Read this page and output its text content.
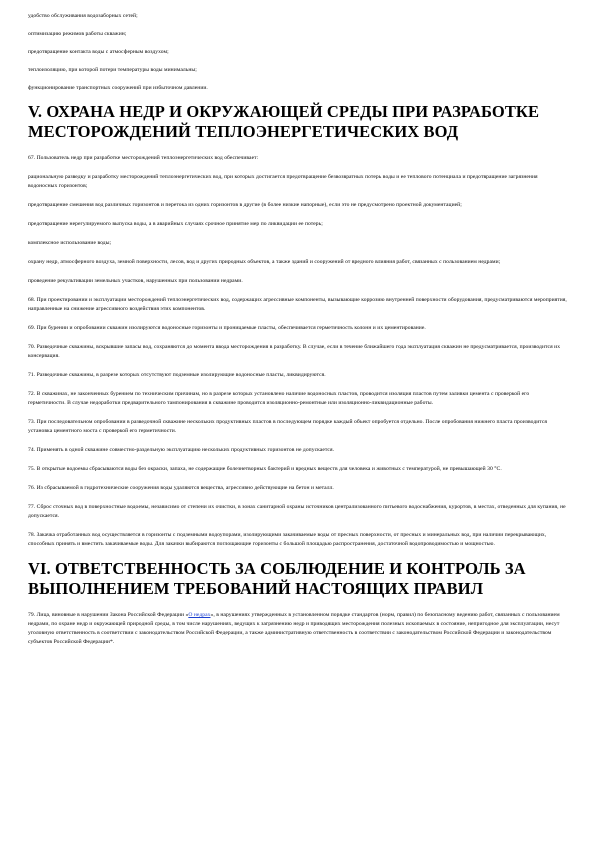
удобство обслуживания водозаборных сетей;

оптимизацию режимов работы скважин;

предотвращение контакта воды с атмосферным воздухом;

теплоизоляцию, при которой потери температуры воды минимальны;

функционирование транспортных сооружений при избыточном давлении.

V. ОХРАНА НЕДР И ОКРУЖАЮЩЕЙ СРЕДЫ ПРИ РАЗРАБОТКЕ МЕСТОРОЖДЕНИЙ ТЕПЛОЭНЕРГЕТИЧЕСКИХ ВОД

67. Пользователь недр при разработке месторождений теплоэнергетических вод обеспечивает:

рациональную разведку и разработку месторождений теплоэнергетических вод, при которых достигается предотвращение безвозвратных потерь воды и ее теплового потенциала и предотвращение загрязнения водоносных горизонтов;

предотвращение смешения вод различных горизонтов и перетока из одних горизонтов в другие (в более низкие напорные), если это не предусмотрено проектной документацией;

предотвращение нерегулируемого выпуска воды, а в аварийных случаях срочное принятие мер по ликвидации ее потерь;

комплексное использование воды;

охрану недр, атмосферного воздуха, земной поверхности, лесов, вод и других природных объектов, а также зданий и сооружений от вредного влияния работ, связанных с пользованием недрами;

проведение рекультивации земельных участков, нарушенных при пользовании недрами.

68. При проектировании и эксплуатации месторождений теплоэнергетических вод, содержащих агрессивные компоненты, вызывающие коррозию внутренней поверхности оборудования, предусматриваются мероприятия, направленные на снижение агрессивного воздействия этих компонентов.

69. При бурении и опробовании скважин изолируются водоносные горизонты и проницаемые пласты, обеспечивается герметичность колонн и их цементирование.

70. Разведочные скважины, вскрывшие запасы вод, сохраняются до момента ввода месторождения в разработку. В случае, если в течение ближайшего года эксплуатация скважин не предусматривается, производится их консервация.

71. Разведочные скважины, в разрезе которых отсутствуют подземные изолирующие водоносные пласты, ликвидируются.

72. В скважинах, не законченных бурением по техническим причинам, но в разрезе которых установлено наличие водоносных пластов, проводится изоляция пластов путем заливки цемента с проверкой его герметичности. В случае недоработки предварительного тампонирования в скважине проводится изоляционно-ремонтные или изоляционно-ликвидационные работы.

73. При последовательном опробовании в разведочной скважине нескольких продуктивных пластов в последующем порядке каждый объект опробуется отдельно. После опробования нижнего пласта производится установка цементного моста с проверкой его герметичности.

74. Применять в одной скважине совместно-раздельную эксплуатацию нескольких продуктивных горизонтов не допускается.

75. В открытые водоемы сбрасываются воды без окраски, запаха, не содержащие болезнетворных бактерий и вредных веществ для человека и животных с температурой, не превышающей 30 °С.

76. Из сбрасываемой в гидротехнические сооружения воды удаляются вещества, агрессивно действующие на бетон и металл.

77. Сброс сточных вод в поверхностные водоемы, независимо от степени их очистки, в зонах санитарной охраны источников централизованного питьевого водоснабжения, курортов, в местах, отведенных для купания, не допускается.

78. Закачка отработанных вод осуществляется в горизонты с подземными водоупорами, изолирующими закачиваемые воды от пресных поверхности, от пресных и минеральных вод, при наличии перекрывающих, способных принять и вместить закачиваемые воды. Для закачки выбираются поглощающие горизонты с большой площадью распространения, достаточной водопроводимостью и мощностью.

VI. ОТВЕТСТВЕННОСТЬ ЗА СОБЛЮДЕНИЕ И КОНТРОЛЬ ЗА ВЫПОЛНЕНИЕМ ТРЕБОВАНИЙ НАСТОЯЩИХ ПРАВИЛ

79. Лица, виновные в нарушении Закона Российской Федерации «О недрах», в нарушениях утвержденных в установленном порядке стандартов (норм, правил) по безопасному ведению работ, связанных с пользованием недрами, по охране недр и окружающей природной среды, в том числе нарушениях, ведущих к загрязнению недр и приводящих месторождения полезных ископаемых в состояние, непригодное для эксплуатации, несут уголовную ответственность в соответствии с законодательством Российской Федерации, а также административную ответственность в соответствии с законодательством Российской Федерации и законодательством субъектов Российской Федерации*.
